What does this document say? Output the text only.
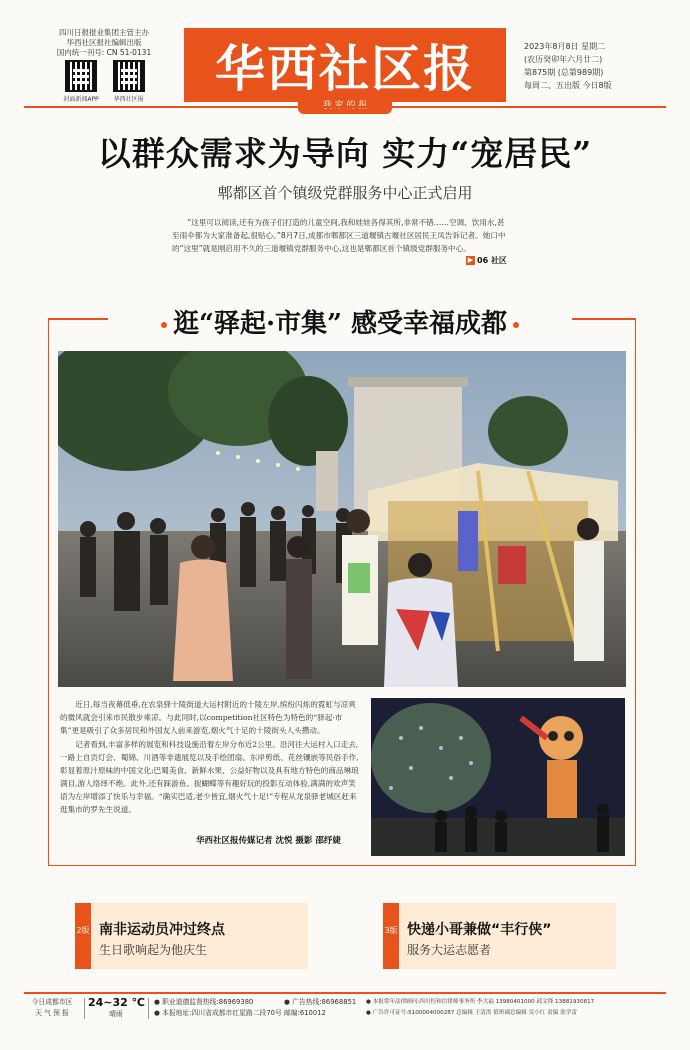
四川日报报业集团主管主办
华西社区报社编辑出版
国内统一刊号: CN 51-0131
封面新闻APP 华西社区报
华西社区报	2023年8月8日 星期二
(农历癸卯年六月廿二)
第875期 (总第989期)
每周二、五出版 今日8版
以群众需求为导向 实力“宠居民”
郫都区首个镇级党群服务中心正式启用
“这里可以阅读,还有为孩子们打造的儿童空间,我和娃娃各得其所,非常不错……空调、饮用水,甚至雨伞都为大家准备起,很贴心。”8月7日,成都市郫都区三道堰镇古堰社区居民王凤告诉记者。她口中的“这里”就是刚启用不久的三道堰镇党群服务中心,这也是郫都区首个镇级党群服务中心。
▶ 06 社区
逛“驿起·市集” 感受幸福成都

近日,每当夜幕低垂,在农泉驿十陵街道大运村附近的十陵左岸,缤纷闪烁的霓虹与凉爽的微风就会引来市民散步乘凉。与此同时,以competition社区特色为特色的“驿起·市集”更是吸引了众多居民和外国友人前来游览,烟火气十足的十陵街头人头攒动。

记者看到,丰富多样的展览和科技设施沿着左岸分布近2公里。沿河往大运村入口走去,一路上自贡灯会、蜀锦、川酒等非遗展览以及手绘团扇、东岸剪纸、花丝镶嵌等民俗手作,彰显着原汁原味的中国文化;巴蜀美食、新鲜水果、公益好物以及具有地方特色的商品琳琅满目,游人络绎不绝。此外,还有踩游鱼、捉蝴蝶等有趣好玩的投影互动体验,满满的欢声笑语为左岸增添了快乐与幸福。“确实巴适,老少皆宜,烟火气十足!”专程从龙泉驿老城区赶来逛集市的罗先生说道。

华西社区报传媒记者 沈悦 摄影 邵纾婕
2版 南非运动员冲过终点
生日歌响起为他庆生
3版 快递小哥兼做“丰行侠”
服务大运志愿者
今日成都市区
天 气 预 报
24~32 ℃
晴雨
● 职业道德监督热线:86969380
● 本报地址:四川省成都市红星路二段70号
● 广告热线:86968851
邮编:610012
● 本报常年法律顾问:四川恒和信律师事务所 李大福 13980401000 邱文锋 13881930817
● 广告许可证号:5100004000287 总编辑 王清洪 值班副总编辑 吴小红 责编 张学雷
